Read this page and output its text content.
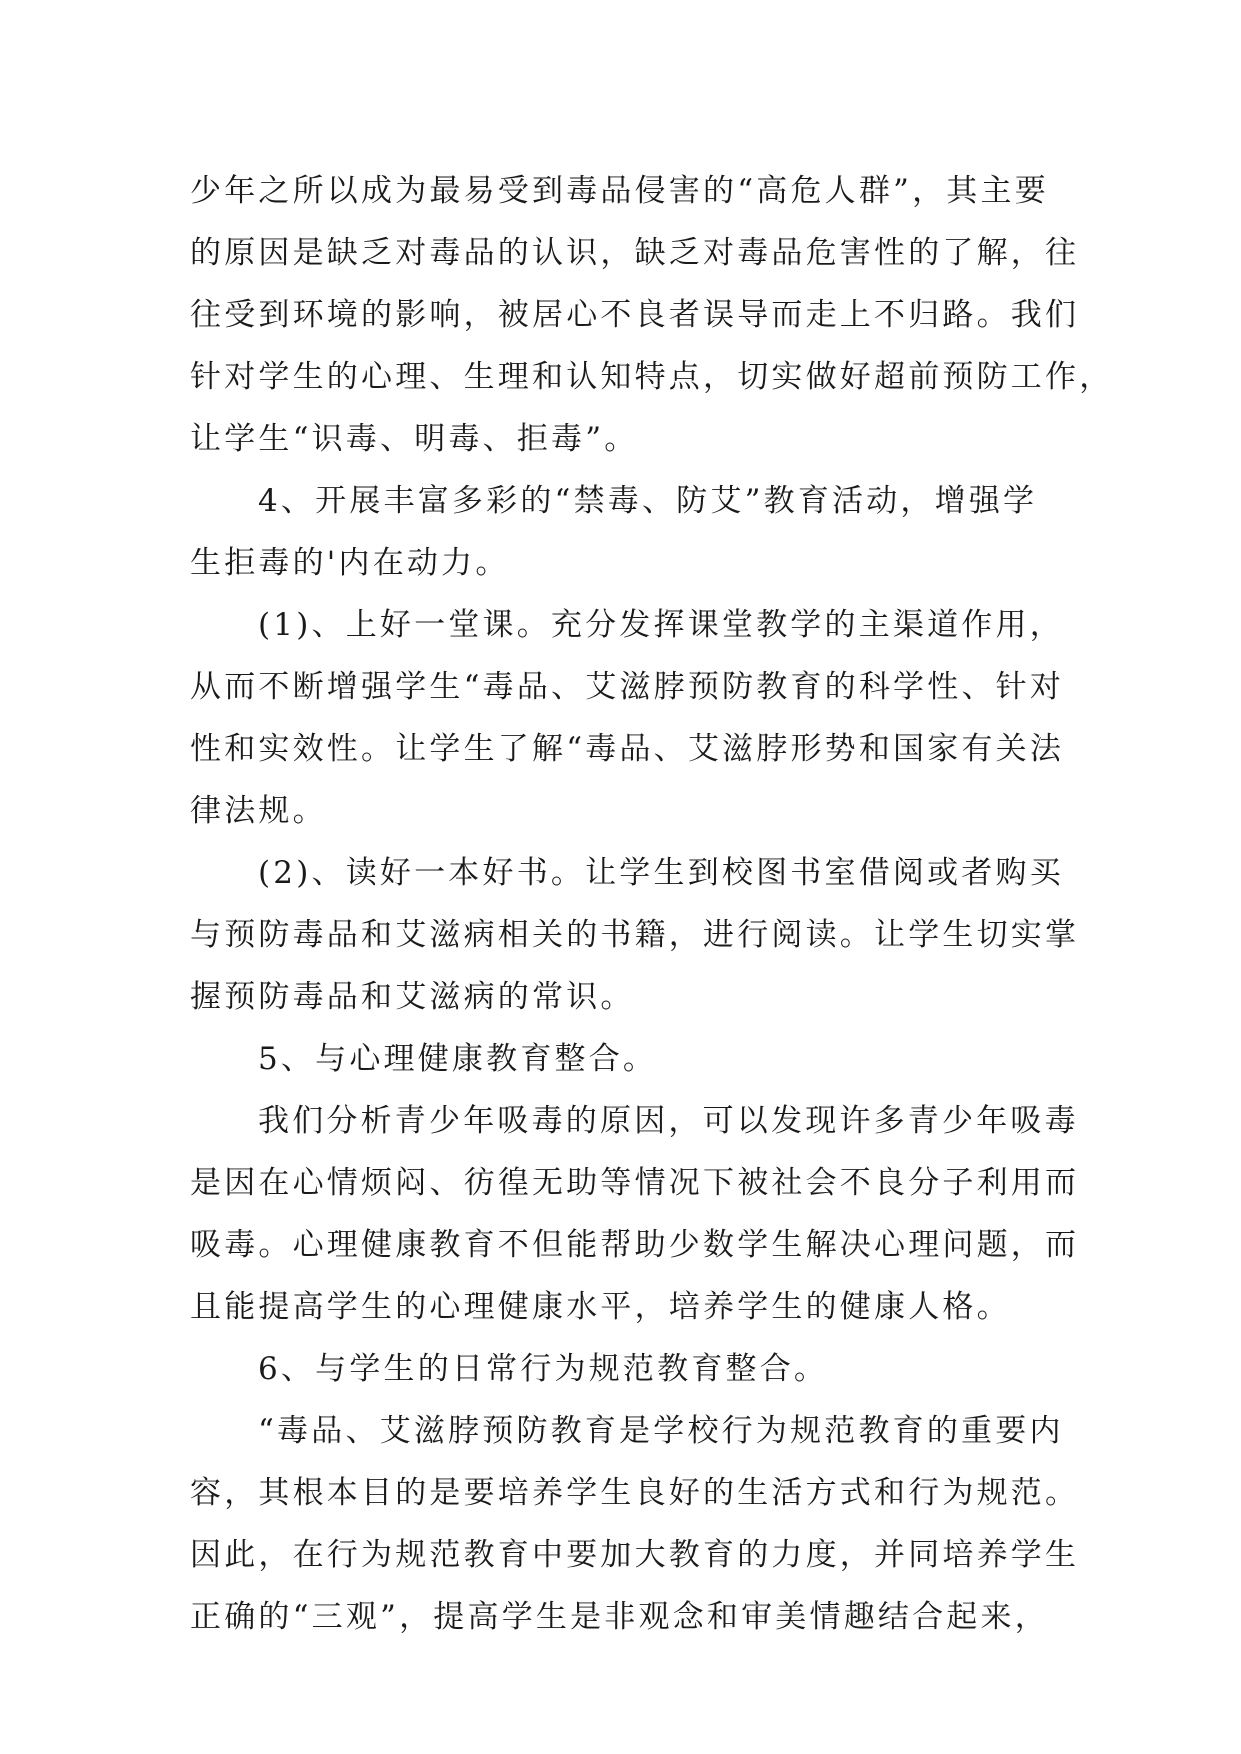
少年之所以成为最易受到毒品侵害的“高危人群”，其主要
的原因是缺乏对毒品的认识，缺乏对毒品危害性的了解，往
往受到环境的影响，被居心不良者误导而走上不归路。我们
针对学生的心理、生理和认知特点，切实做好超前预防工作，
让学生“识毒、明毒、拒毒”。
4、开展丰富多彩的“禁毒、防艾”教育活动，增强学
生拒毒的'内在动力。
(1)、上好一堂课。充分发挥课堂教学的主渠道作用，
从而不断增强学生“毒品、艾滋脖预防教育的科学性、针对
性和实效性。让学生了解“毒品、艾滋脖形势和国家有关法
律法规。
(2)、读好一本好书。让学生到校图书室借阅或者购买
与预防毒品和艾滋病相关的书籍，进行阅读。让学生切实掌
握预防毒品和艾滋病的常识。
5、与心理健康教育整合。
我们分析青少年吸毒的原因，可以发现许多青少年吸毒
是因在心情烦闷、彷徨无助等情况下被社会不良分子利用而
吸毒。心理健康教育不但能帮助少数学生解决心理问题，而
且能提高学生的心理健康水平，培养学生的健康人格。
6、与学生的日常行为规范教育整合。
“毒品、艾滋脖预防教育是学校行为规范教育的重要内
容，其根本目的是要培养学生良好的生活方式和行为规范。
因此，在行为规范教育中要加大教育的力度，并同培养学生
正确的“三观”，提高学生是非观念和审美情趣结合起来，
